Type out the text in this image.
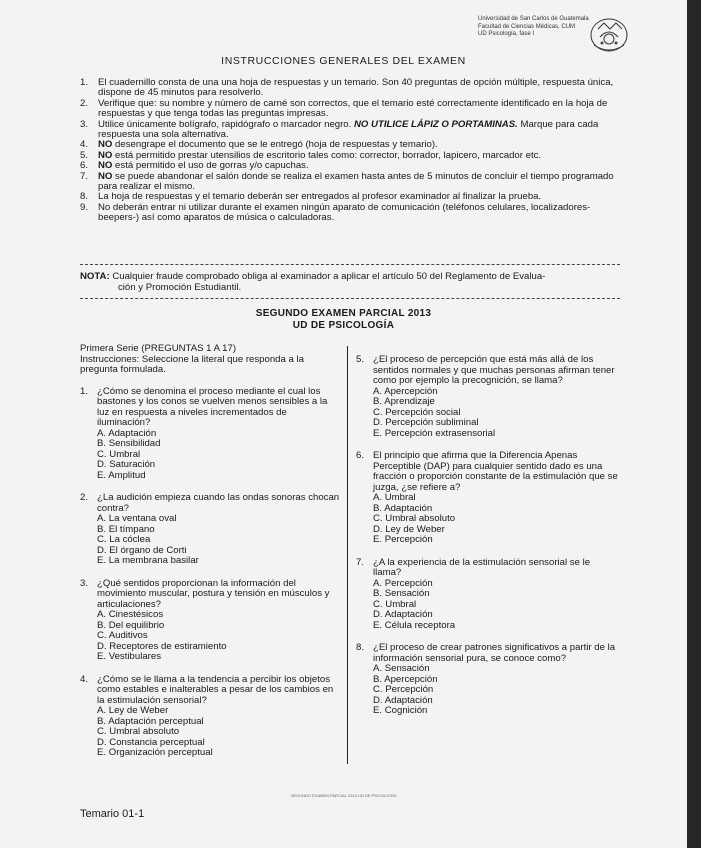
Universidad de San Carlos de Guatemala
Facultad de Ciencias Médicas, CUM
UD Psicología, fase I
INSTRUCCIONES GENERALES DEL EXAMEN
1.	El cuadernillo consta de una una hoja de respuestas y un temario. Son 40 preguntas de opción múltiple, respuesta única, dispone de 45 minutos para resolverlo.
2.	Verifique que: su nombre y número de carné son correctos, que el temario esté correctamente identificado en la hoja de respuestas y que tenga todas las preguntas impresas.
3.	Utilice únicamente bolígrafo, rapidógrafo o marcador negro. NO UTILICE LÁPIZ O PORTAMINAS. Marque para cada respuesta una sola alternativa.
4.	NO desengrape el documento que se le entregó (hoja de respuestas y temario).
5.	NO está permitido prestar utensilios de escritorio tales como: corrector, borrador, lapicero, marcador etc.
6.	NO está permitido el uso de gorras y/o capuchas.
7.	NO se puede abandonar el salón donde se realiza el examen hasta antes de 5 minutos de concluir el tiempo programado para realizar el mismo.
8.	La hoja de respuestas y el temario deberán ser entregados al profesor examinador al finalizar la prueba.
9.	No deberán entrar ni utilizar durante el examen ningún aparato de comunicación (teléfonos celulares, localizadores- beepers-) así como aparatos de música o calculadoras.
NOTA: Cualquier fraude comprobado obliga al examinador a aplicar el artículo 50 del Reglamento de Evalua-
ción y Promoción Estudiantil.
SEGUNDO EXAMEN PARCIAL 2013
UD DE PSICOLOGÍA
Primera Serie (PREGUNTAS 1 A 17)
Instrucciones: Seleccione la literal que responda a la pregunta formulada.
1. ¿Cómo se denomina el proceso mediante el cual los bastones y los conos se vuelven menos sensibles a la luz en respuesta a niveles incrementados de iluminación?
A. Adaptación
B. Sensibilidad
C. Umbral
D. Saturación
E. Amplitud
2. ¿La audición empieza cuando las ondas sonoras chocan contra?
A. La ventana oval
B. El tímpano
C. La cóclea
D. El órgano de Corti
E. La membrana basilar
3. ¿Qué sentidos proporcionan la información del movimiento muscular, postura y tensión en músculos y articulaciones?
A. Cinestésicos
B. Del equilibrio
C. Auditivos
D. Receptores de estiramiento
E. Vestibulares
4. ¿Cómo se le llama a la tendencia a percibir los objetos como estables e inalterables a pesar de los cambios en la estimulación sensorial?
A. Ley de Weber
B. Adaptación perceptual
C. Umbral absoluto
D. Constancia perceptual
E. Organización perceptual
5. ¿El proceso de percepción que está más allá de los sentidos normales y que muchas personas afirman tener como por ejemplo la precognición, se llama?
A. Apercepción
B. Aprendizaje
C. Percepción social
D. Percepción subliminal
E. Percepción extrasensorial
6. El principio que afirma que la Diferencia Apenas Perceptible (DAP) para cualquier sentido dado es una fracción o proporción constante de la estimulación que se juzga, ¿se refiere a?
A. Umbral
B. Adaptación
C. Umbral absoluto
D. Ley de Weber
E. Percepción
7. ¿A la experiencia de la estimulación sensorial se le llama?
A. Percepción
B. Sensación
C. Umbral
D. Adaptación
E. Célula receptora
8. ¿El proceso de crear patrones significativos a partir de la información sensorial pura, se conoce como?
A. Sensación
B. Apercepción
C. Percepción
D. Adaptación
E. Cognición
SEGUNDO EXAMEN PARCIAL 2013 UD DE PSICOLOGÍA
Temario 01-1
